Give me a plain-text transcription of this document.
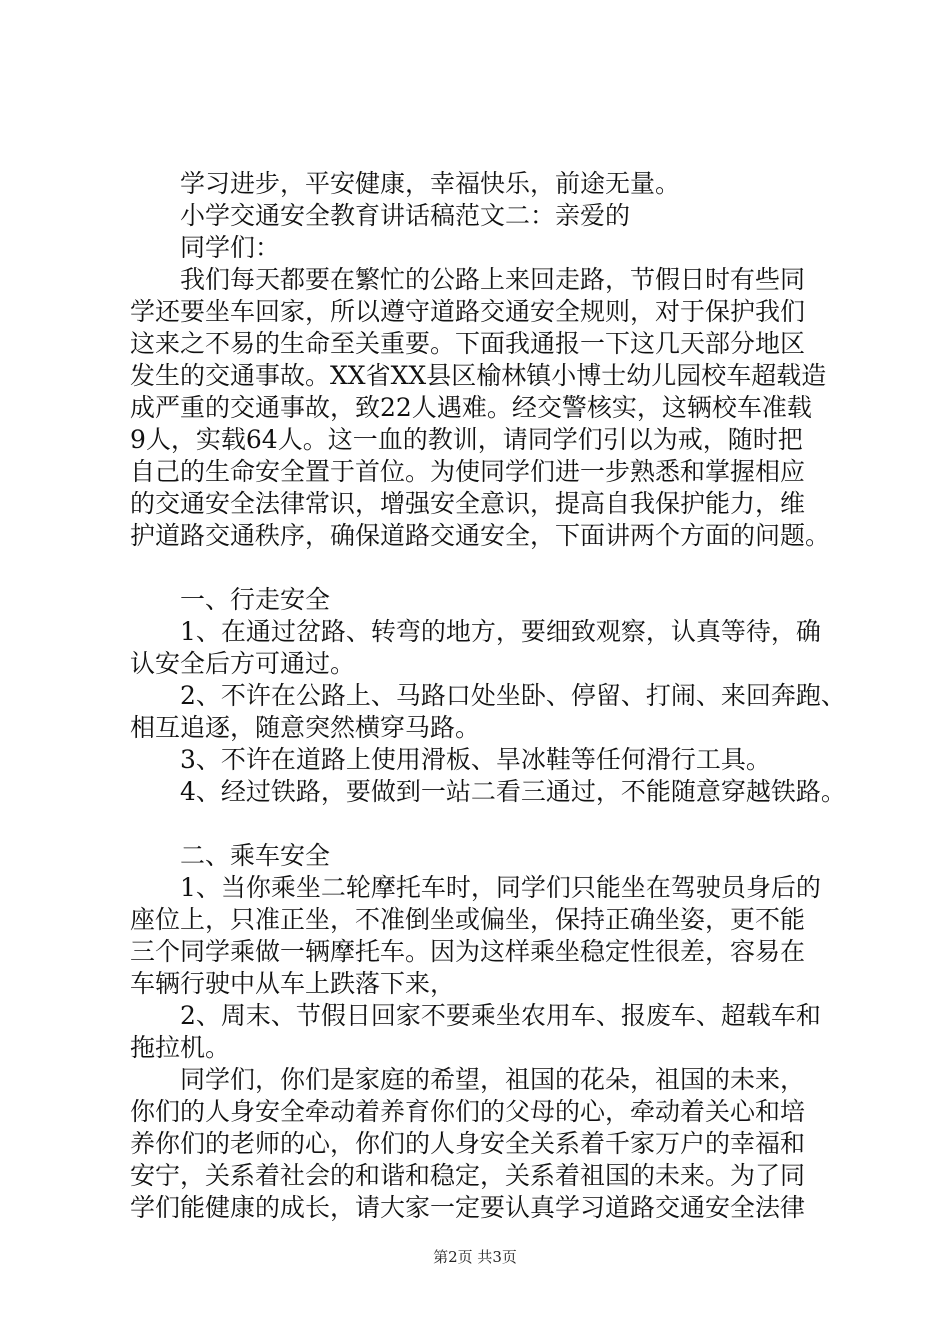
学习进步，平安健康，幸福快乐，前途无量。
小学交通安全教育讲话稿范文二：亲爱的
同学们：
我们每天都要在繁忙的公路上来回走路，节假日时有些同
学还要坐车回家，所以遵守道路交通安全规则，对于保护我们
这来之不易的生命至关重要。下面我通报一下这几天部分地区
发生的交通事故。XX省XX县区榆林镇小博士幼儿园校车超载造
成严重的交通事故，致22人遇难。经交警核实，这辆校车准载
9人，实载64人。这一血的教训，请同学们引以为戒，随时把
自己的生命安全置于首位。为使同学们进一步熟悉和掌握相应
的交通安全法律常识，增强安全意识，提高自我保护能力，维
护道路交通秩序，确保道路交通安全，下面讲两个方面的问题。
一、行走安全
1、在通过岔路、转弯的地方，要细致观察，认真等待，确
认安全后方可通过。
2、不许在公路上、马路口处坐卧、停留、打闹、来回奔跑、
相互追逐，随意突然横穿马路。
3、不许在道路上使用滑板、旱冰鞋等任何滑行工具。
4、经过铁路，要做到一站二看三通过，不能随意穿越铁路。
二、乘车安全
1、当你乘坐二轮摩托车时，同学们只能坐在驾驶员身后的
座位上，只准正坐，不准倒坐或偏坐，保持正确坐姿，更不能
三个同学乘做一辆摩托车。因为这样乘坐稳定性很差，容易在
车辆行驶中从车上跌落下来，
2、周末、节假日回家不要乘坐农用车、报废车、超载车和
拖拉机。
同学们，你们是家庭的希望，祖国的花朵，祖国的未来，
你们的人身安全牵动着养育你们的父母的心，牵动着关心和培
养你们的老师的心，你们的人身安全关系着千家万户的幸福和
安宁，关系着社会的和谐和稳定，关系着祖国的未来。为了同
学们能健康的成长，请大家一定要认真学习道路交通安全法律
第2页 共3页
